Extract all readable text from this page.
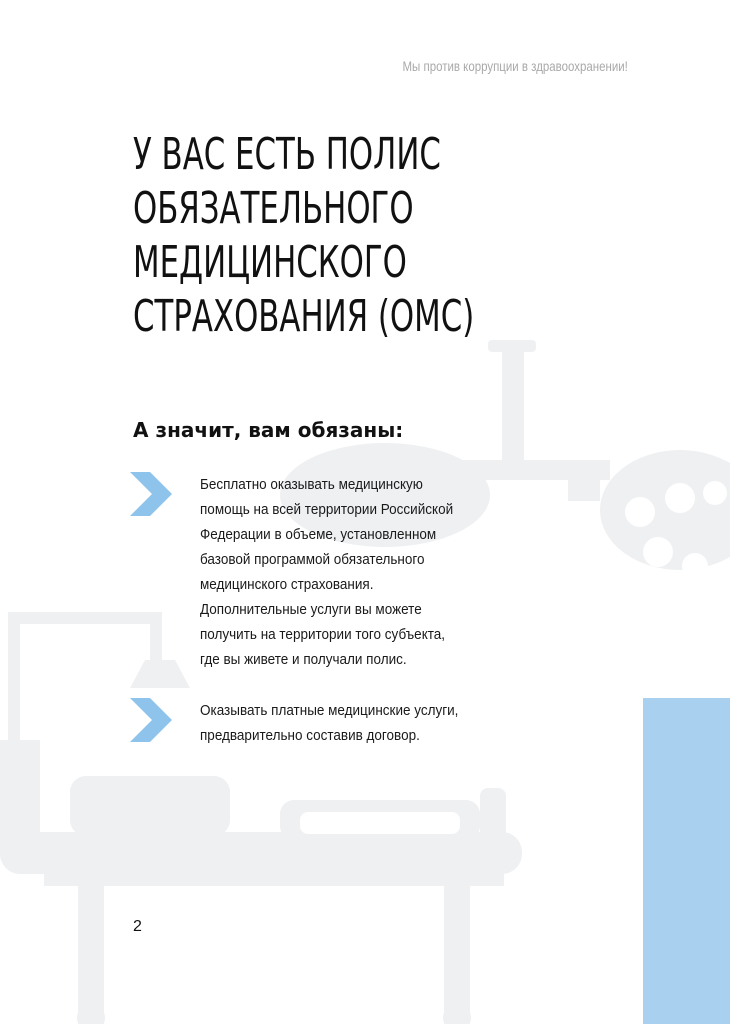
Мы против коррупции в здравоохранении!
У ВАС ЕСТЬ ПОЛИС
ОБЯЗАТЕЛЬНОГО
МЕДИЦИНСКОГО
СТРАХОВАНИЯ (ОМС)
А значит, вам обязаны:
Бесплатно оказывать медицинскую
помощь на всей территории Российской
Федерации в объеме, установленном
базовой программой обязательного
медицинского страхования.
Дополнительные услуги вы можете
получить на территории того субъекта,
где вы живете и получали полис.
Оказывать платные медицинские услуги,
предварительно составив договор.
2
